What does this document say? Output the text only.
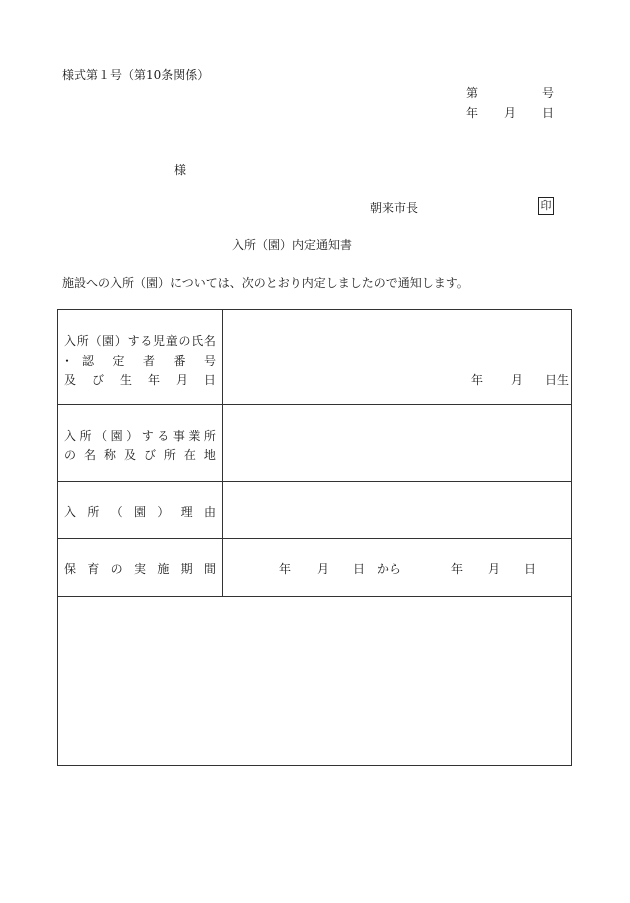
様式第１号（第10条関係）
第	号
年 月 日
様
朝来市長	印
入所（園）内定通知書
施設への入所（園）については、次のとおり内定しましたので通知します。
入 所 （ 園 ） す る 児 童 の 氏 名
・ 認 定 者 番 号
及 び 生 年 月 日	年 月 日生
入 所 （ 園 ） す る 事 業 所
の 名 称 及 び 所 在 地
入 所 （ 園 ） 理 由
保 育 の 実 施 期 間	年 月 日 から	年 月 日
